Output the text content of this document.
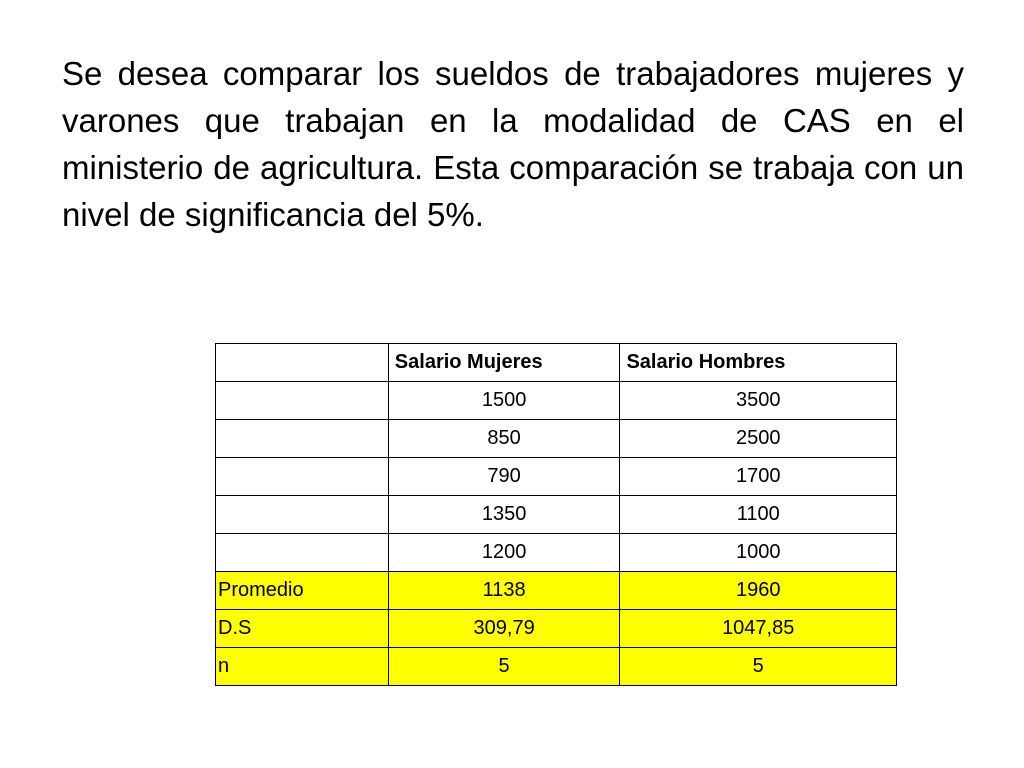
Se desea comparar los sueldos de trabajadores mujeres y varones que trabajan en la modalidad de CAS en el ministerio de agricultura. Esta comparación se trabaja con un nivel de significancia del 5%.

	Salario Mujeres	Salario Hombres
	1500	3500
	850	2500
	790	1700
	1350	1100
	1200	1000
Promedio	1138	1960
D.S	309,79	1047,85
n	5	5
